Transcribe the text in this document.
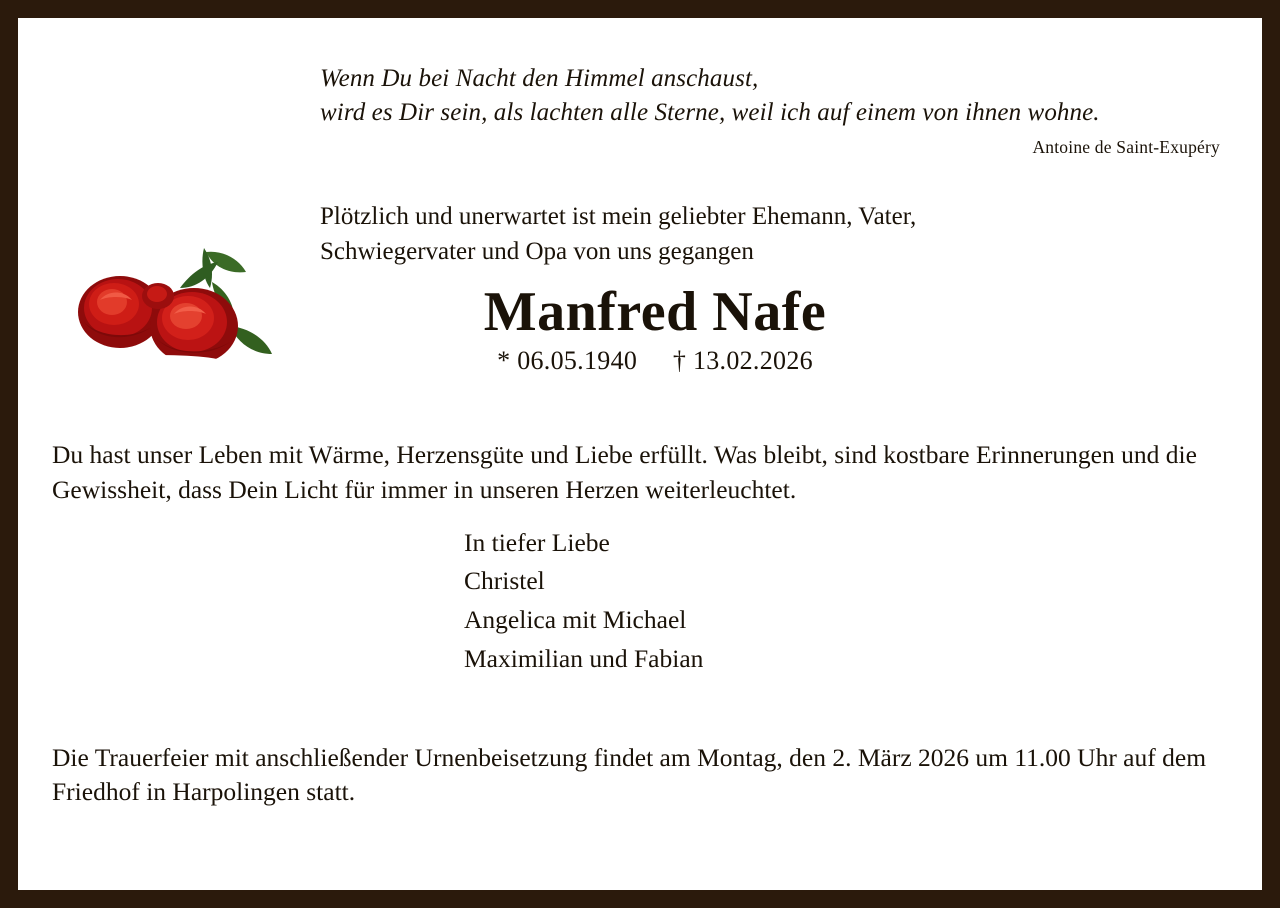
Wenn Du bei Nacht den Himmel anschaust,
wird es Dir sein, als lachten alle Sterne, weil ich auf einem von ihnen wohne.
Antoine de Saint-Exupéry
Plötzlich und unerwartet ist mein geliebter Ehemann, Vater,
Schwiegervater und Opa von uns gegangen
Manfred Nafe
* 06.05.1940 † 13.02.2026
Du hast unser Leben mit Wärme, Herzensgüte und Liebe erfüllt. Was bleibt, sind kostbare Erinnerungen und die Gewissheit, dass Dein Licht für immer in unseren Herzen weiterleuchtet.
In tiefer Liebe
Christel
Angelica mit Michael
Maximilian und Fabian
Die Trauerfeier mit anschließender Urnenbeisetzung findet am Montag, den 2. März 2026 um 11.00 Uhr auf dem Friedhof in Harpolingen statt.
